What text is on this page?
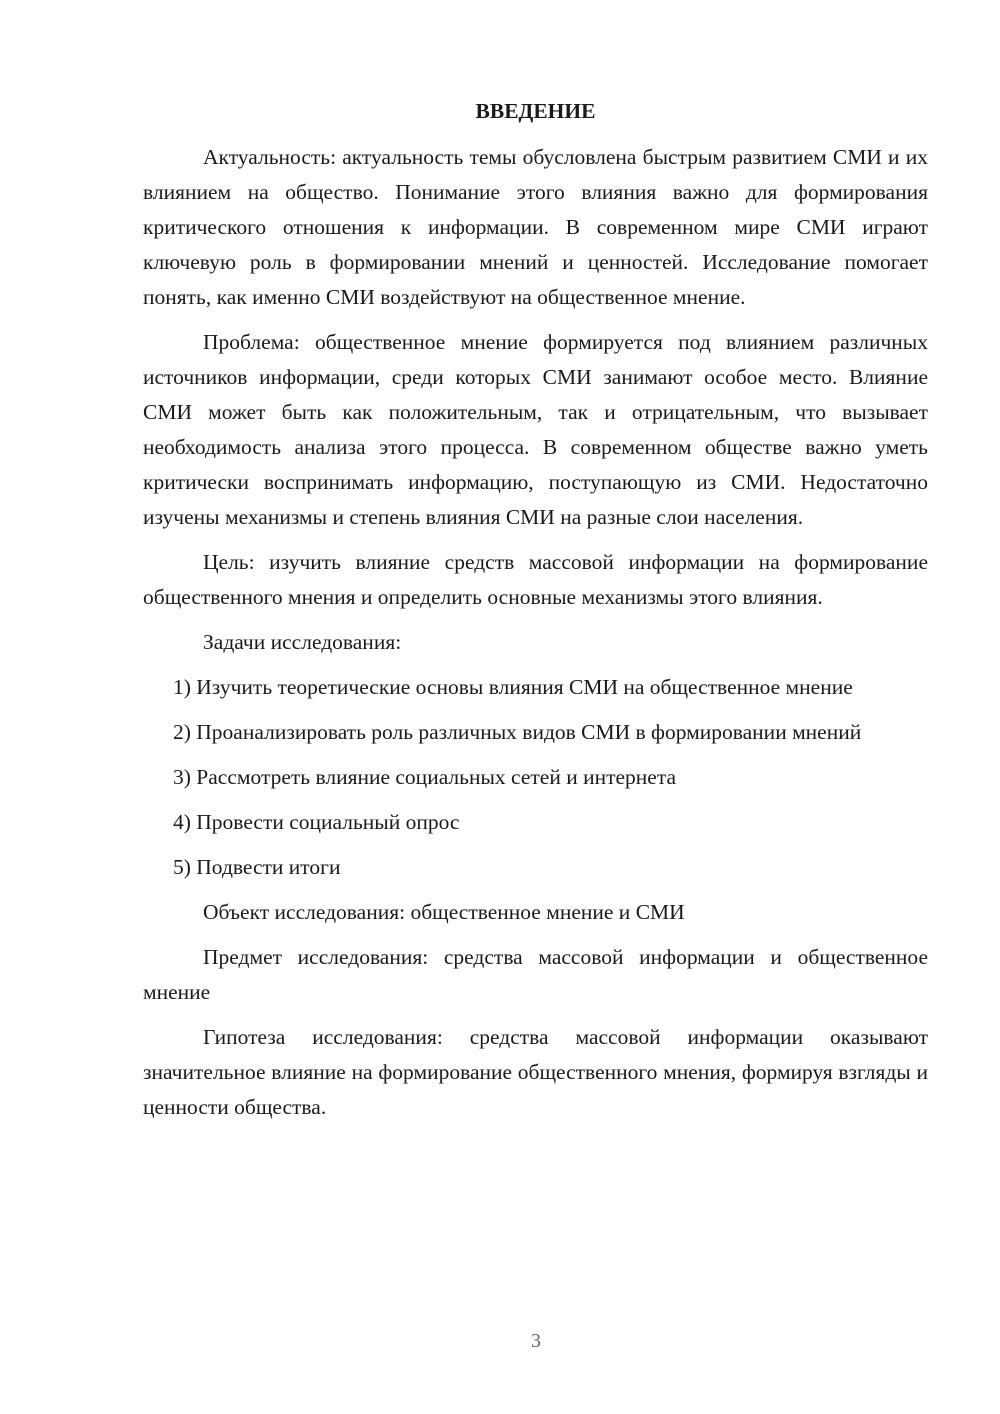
ВВЕДЕНИЕ

Актуальность: актуальность темы обусловлена быстрым развитием СМИ и их влиянием на общество. Понимание этого влияния важно для формирования критического отношения к информации. В современном мире СМИ играют ключевую роль в формировании мнений и ценностей. Исследование помогает понять, как именно СМИ воздействуют на общественное мнение.

Проблема: общественное мнение формируется под влиянием различных источников информации, среди которых СМИ занимают особое место. Влияние СМИ может быть как положительным, так и отрицательным, что вызывает необходимость анализа этого процесса. В современном обществе важно уметь критически воспринимать информацию, поступающую из СМИ. Недостаточно изучены механизмы и степень влияния СМИ на разные слои населения.

Цель: изучить влияние средств массовой информации на формирование общественного мнения и определить основные механизмы этого влияния.

Задачи исследования:

1) Изучить теоретические основы влияния СМИ на общественное мнение

2) Проанализировать роль различных видов СМИ в формировании мнений

3) Рассмотреть влияние социальных сетей и интернета

4) Провести социальный опрос

5) Подвести итоги

Объект исследования: общественное мнение и СМИ

Предмет исследования: средства массовой информации и общественное мнение

Гипотеза исследования: средства массовой информации оказывают значительное влияние на формирование общественного мнения, формируя взгляды и ценности общества.

3
